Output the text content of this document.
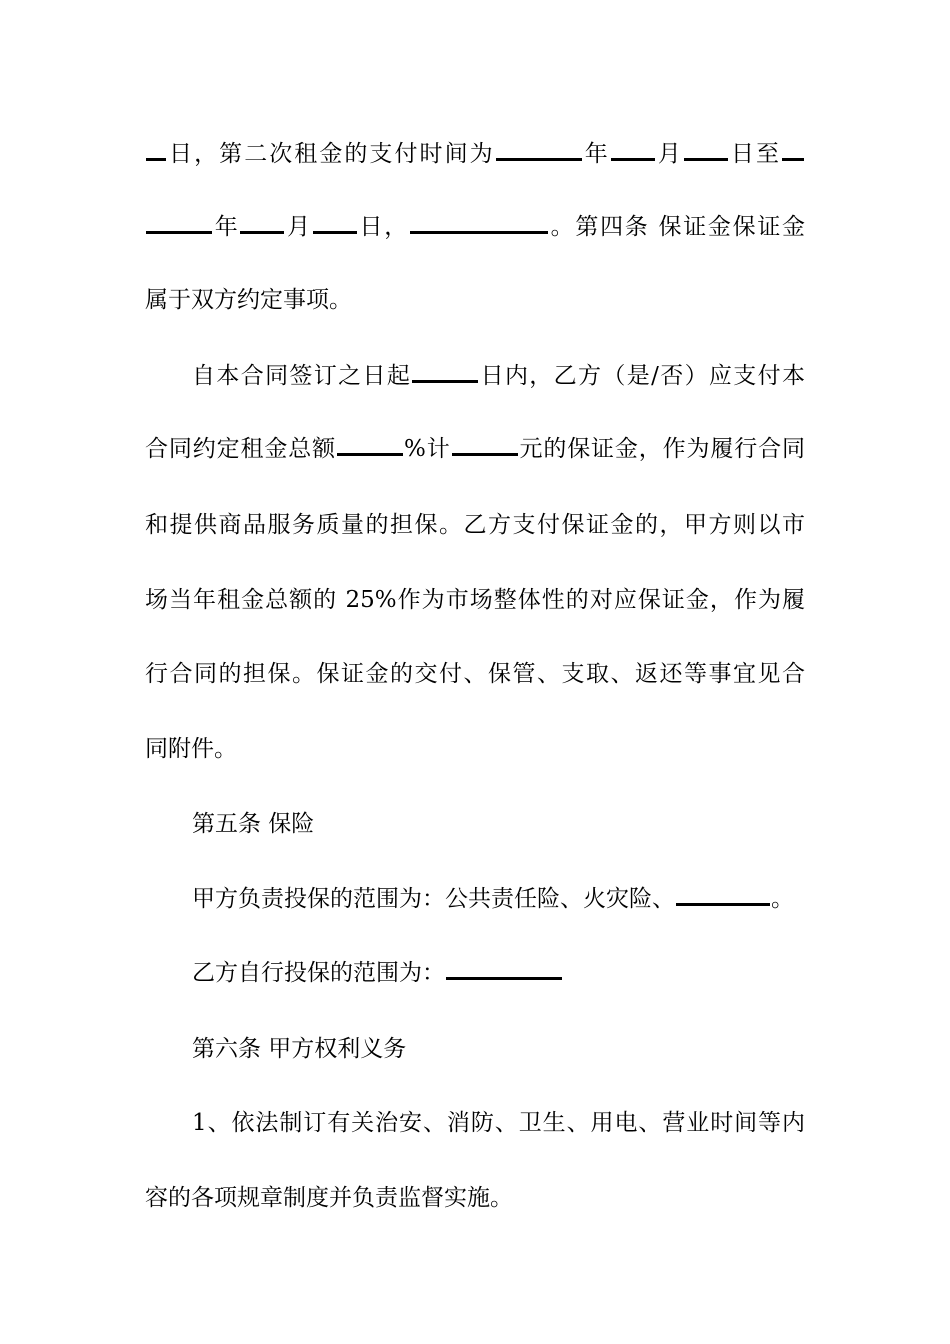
日，第二次租金的支付时间为	年 月 日至
年 月 日，	。第四条 保证金保证金
属于双方约定事项。
自本合同签订之日起	日内，乙方（是/否）应支付本
合同约定租金总额	%计	元的保证金，作为履行合同
和提供商品服务质量的担保。乙方支付保证金的，甲方则以市
场当年租金总额的 25%作为市场整体性的对应保证金，作为履
行合同的担保。保证金的交付、保管、支取、返还等事宜见合
同附件。
第五条 保险
甲方负责投保的范围为：公共责任险、火灾险、	。
乙方自行投保的范围为：
第六条 甲方权利义务
1、依法制订有关治安、消防、卫生、用电、营业时间等内
容的各项规章制度并负责监督实施。
